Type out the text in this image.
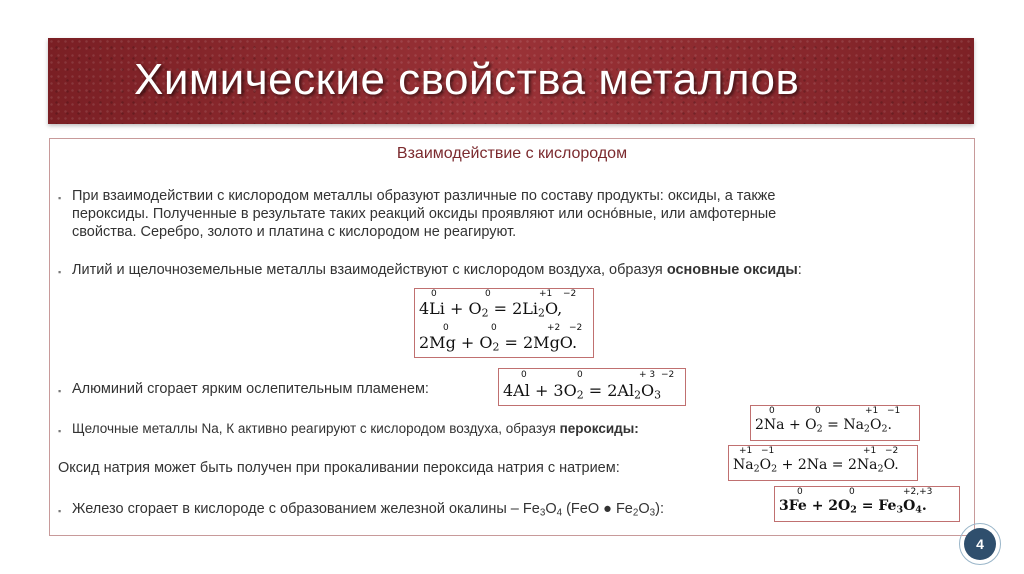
Химические свойства металлов
Взаимодействие с кислородом
▪ При взаимодействии с кислородом металлы образуют различные по составу продукты: оксиды, а также
пероксиды. Полученные в результате таких реакций оксиды проявляют или осно́вные, или амфотерные
свойства. Серебро, золото и платина с кислородом не реагируют.

▪ Литий и щелочноземельные металлы взаимодействуют с кислородом воздуха, образуя основные оксиды:

0	0	+1 −2
$4Li + O_2 = 2Li_2O$,
0	0	+2 −2
$2Mg + O_2 = 2MgO$.
▪ Алюминий сгорает ярким ослепительным пламенем:

0	0	+ 3 −2
$4Al + 3O_2 = 2Al_2O_3$
▪ Щелочные металлы Na, К активно реагируют с кислородом воздуха, образуя пероксиды:

0	0	+1 −1
$2Na + O_2 = Na_2O_2$.

Оксид натрия может быть получен при прокаливании пероксида натрия с натрием:

+1 −1	+1 −2
$Na_2O_2 + 2Na = 2Na_2O$.
▪ Железо сгорает в кислороде с образованием железной окалины – $Fe_3O_4$ (FeO ● $Fe_2O_3$):

0	0	+2,+3
$3Fe + 2O_2 = Fe_3O_4$.
4
